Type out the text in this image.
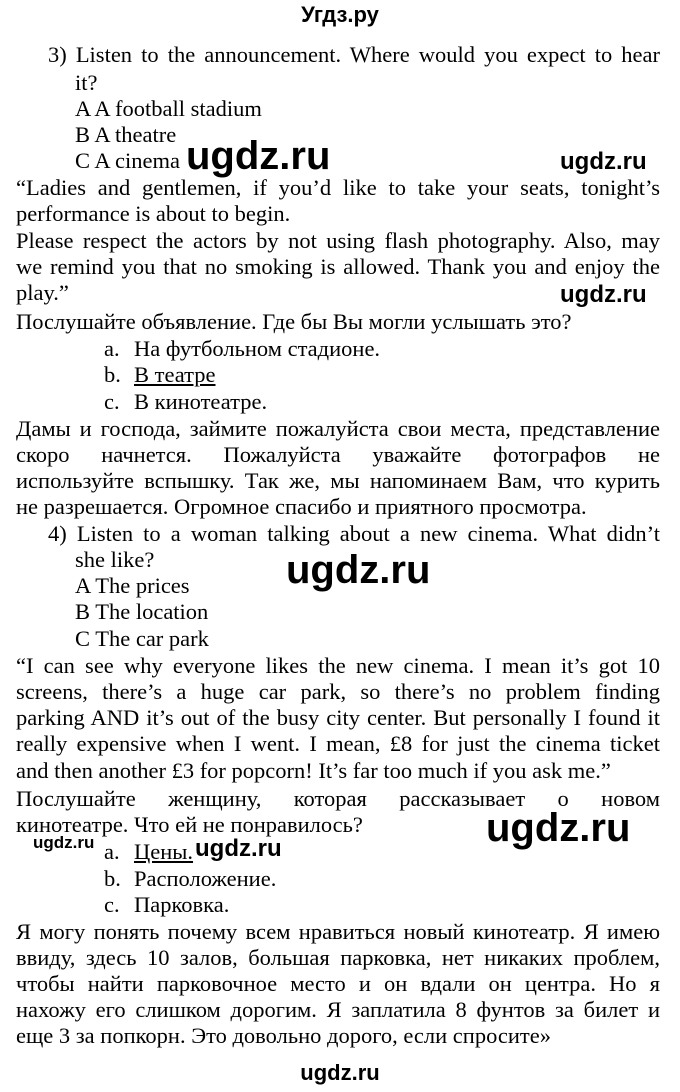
Угдз.ру
3) Listen to the announcement. Where would you expect to hear
it?
A A football stadium
B A theatre
C A cinema
“Ladies and gentlemen, if you’d like to take your seats, tonight’s
performance is about to begin.
Please respect the actors by not using flash photography. Also, may
we remind you that no smoking is allowed. Thank you and enjoy the
play.”
Послушайте объявление. Где бы Вы могли услышать это?
a. На футбольном стадионе.
b. В театре
c. В кинотеатре.
Дамы и господа, займите пожалуйста свои места, представление
скоро начнется. Пожалуйста уважайте фотографов не
используйте вспышку. Так же, мы напоминаем Вам, что курить
не разрешается. Огромное спасибо и приятного просмотра.
4) Listen to a woman talking about a new cinema. What didn’t
she like?
A The prices
B The location
C The car park
“I can see why everyone likes the new cinema. I mean it’s got 10
screens, there’s a huge car park, so there’s no problem finding
parking AND it’s out of the busy city center. But personally I found it
really expensive when I went. I mean, £8 for just the cinema ticket
and then another £3 for popcorn! It’s far too much if you ask me.”
Послушайте женщину, которая рассказывает о новом
кинотеатре. Что ей не понравилось?
a. Цены.
b. Расположение.
c. Парковка.
Я могу понять почему всем нравиться новый кинотеатр. Я имею
ввиду, здесь 10 залов, большая парковка, нет никаких проблем,
чтобы найти парковочное место и он вдали он центра. Но я
нахожу его слишком дорогим. Я заплатила 8 фунтов за билет и
еще 3 за попкорн. Это довольно дорого, если спросите»
ugdz.ru	ugdz.ru
ugdz.ru
ugdz.ru
ugdz.ru
ugdz.ru	ugdz.ru
ugdz.ru
